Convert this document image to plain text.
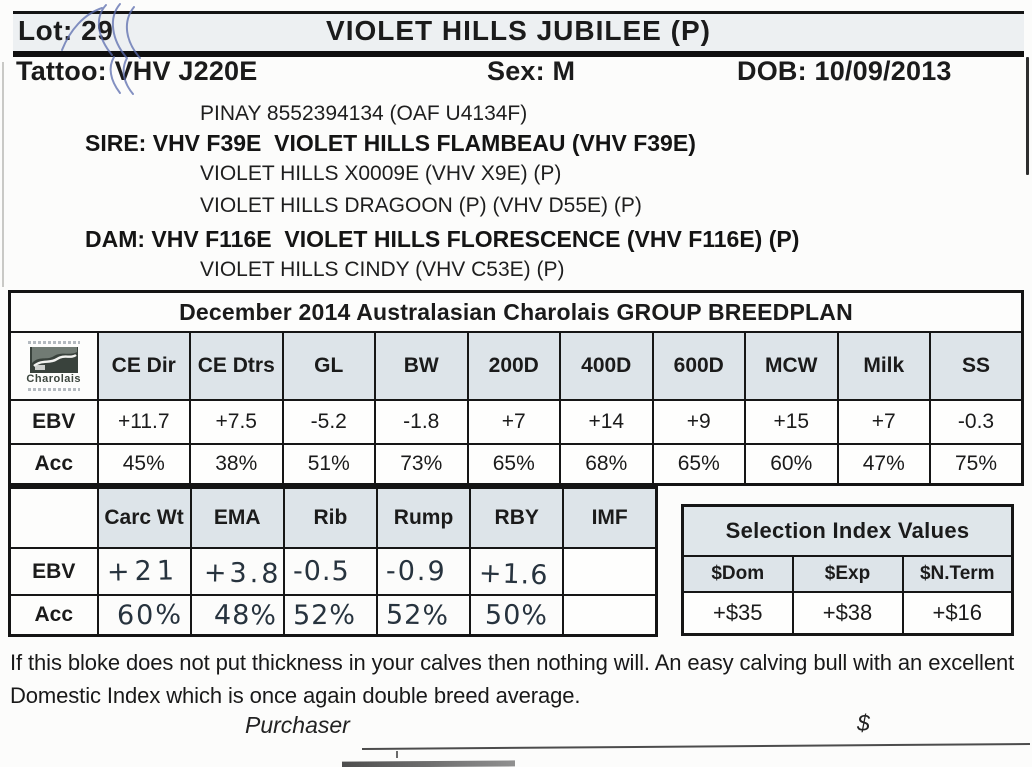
Lot: 29	VIOLET HILLS JUBILEE (P)
Tattoo: VHV J220E	Sex: M	DOB: 10/09/2013
PINAY 8552394134 (OAF U4134F)
SIRE: VHV F39E  VIOLET HILLS FLAMBEAU (VHV F39E)
VIOLET HILLS X0009E (VHV X9E) (P)
VIOLET HILLS DRAGOON (P) (VHV D55E) (P)
DAM: VHV F116E  VIOLET HILLS FLORESCENCE (VHV F116E) (P)
VIOLET HILLS CINDY (VHV C53E) (P)
December 2014 Australasian Charolais GROUP BREEDPLAN										

Charolais	CE Dir	CE Dtrs	GL	BW	200D	400D	600D	MCW	Milk	SS
EBV	+11.7	+7.5	-5.2	-1.8	+7	+14	+9	+15	+7	-0.3
Acc	45%	38%	51%	73%	65%	68%	65%	60%	47%	75%
	Carc Wt	EMA	Rib	Rump	RBY	IMF
EBV	+21	+3.8	-0.5	-0.9	+1.6	
Acc	60%	48%	52%	52%	50%	
Selection Index Values		
$Dom	$Exp	$N.Term
+$35	+$38	+$16
If this bloke does not put thickness in your calves then nothing will. An easy calving bull with an excellent Domestic Index which is once again double breed average.
Purchaser	$
